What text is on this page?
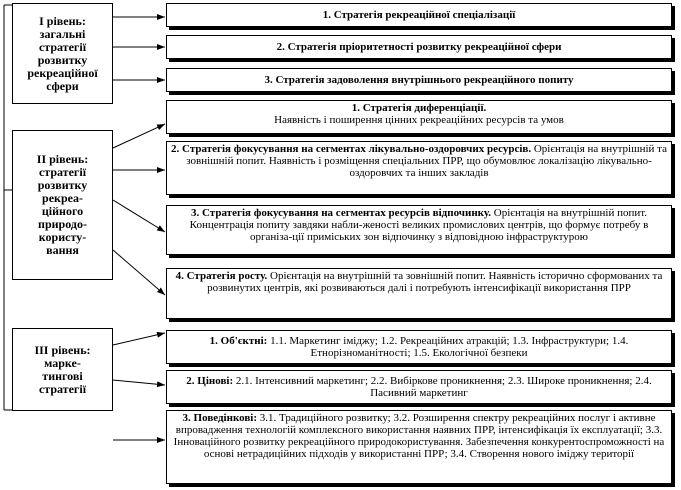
I рівень:
загальні
стратегії
розвитку
рекреаційної
сфери
II рівень:
стратегії
розвитку
рекреа-
ційного
природо-
користу-
вання
III рівень:
марке-
тингові
стратегії
1. Стратегія рекреаційної спеціалізації
2. Стратегія пріоритетності розвитку рекреаційної сфери
3. Стратегія задоволення внутрішнього рекреаційного попиту
1. Стратегія диференціації.
Наявність і поширення цінних рекреаційних ресурсів та умов
2. Стратегія фокусування на сегментах лікувально-оздоровчих ресурсів. Орієнтація на внутрішній та зовнішній попит. Наявність і розміщення спеціальних ПРР, що обумовлює локалізацію лікувально-оздоровчих та інших закладів
3. Стратегія фокусування на сегментах ресурсів відпочинку. Орієнтація на внутрішній попит. Концентрація попиту завдяки набли-женості великих промислових центрів, що формує потребу в організа-ції приміських зон відпочинку з відповідною інфраструктурою
4. Стратегія росту. Орієнтація на внутрішній та зовнішній попит. Наявність історично сформованих та розвинутих центрів, які розвиваються далі і потребують інтенсифікації використання ПРР
1. Об'єктні: 1.1. Маркетинг іміджу; 1.2. Рекреаційних атракцій; 1.3. Інфраструктури; 1.4. Етнорізноманітності; 1.5. Екологічної безпеки
2. Цінові: 2.1. Інтенсивний маркетинг; 2.2. Вибіркове проникнення; 2.3. Широке проникнення; 2.4. Пасивний маркетинг
3. Поведінкові: 3.1. Традиційного розвитку; 3.2. Розширення спектру рекреаційних послуг і активне впровадження технологій комплексного використання наявних ПРР, інтенсифікація їх експлуатації; 3.3. Інноваційного розвитку рекреаційного природокористування. Забезпечення конкурентоспроможності на основі нетрадиційних підходів у використанні ПРР; 3.4. Створення нового іміджу території
